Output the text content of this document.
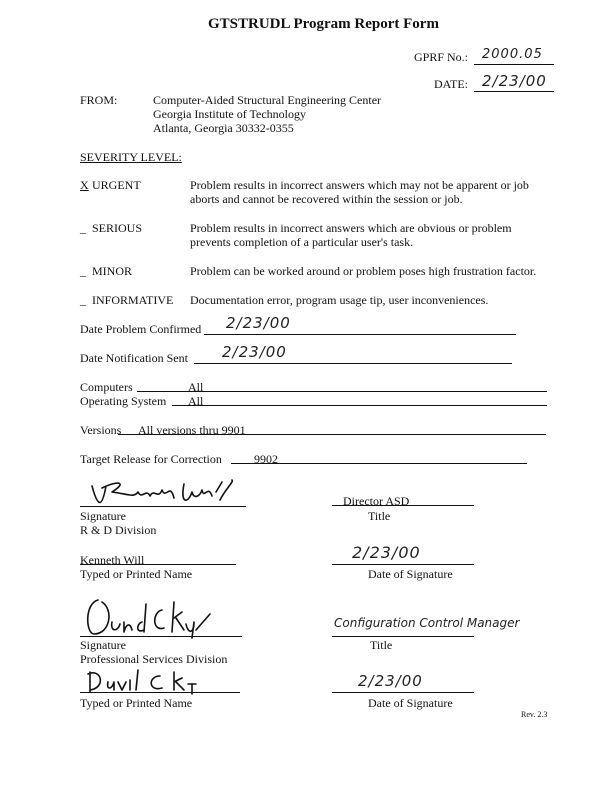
GTSTRUDL Program Report Form
GPRF No.: 2000.05
DATE: 2/23/00
FROM:	Computer-Aided Structural Engineering Center
Georgia Institute of Technology
Atlanta, Georgia 30332-0355
SEVERITY LEVEL:
X URGENT	Problem results in incorrect answers which may not be apparent or job aborts and cannot be recovered within the session or job.
_ SERIOUS	Problem results in incorrect answers which are obvious or problem prevents completion of a particular user's task.
_ MINOR	Problem can be worked around or problem poses high frustration factor.
_ INFORMATIVE Documentation error, program usage tip, user inconveniences.
Date Problem Confirmed 2/23/00
Date Notification Sent 2/23/00
Computers	All
Operating System All
Versions All versions thru 9901
Target Release for Correction	9902
Signature
R & D Division
Director ASD
Title
Kenneth Will
Typed or Printed Name
2/23/00
Date of Signature
Signature
Professional Services Division
Configuration Control Manager
Title
Typed or Printed Name
2/23/00
Date of Signature
Rev. 2.3
